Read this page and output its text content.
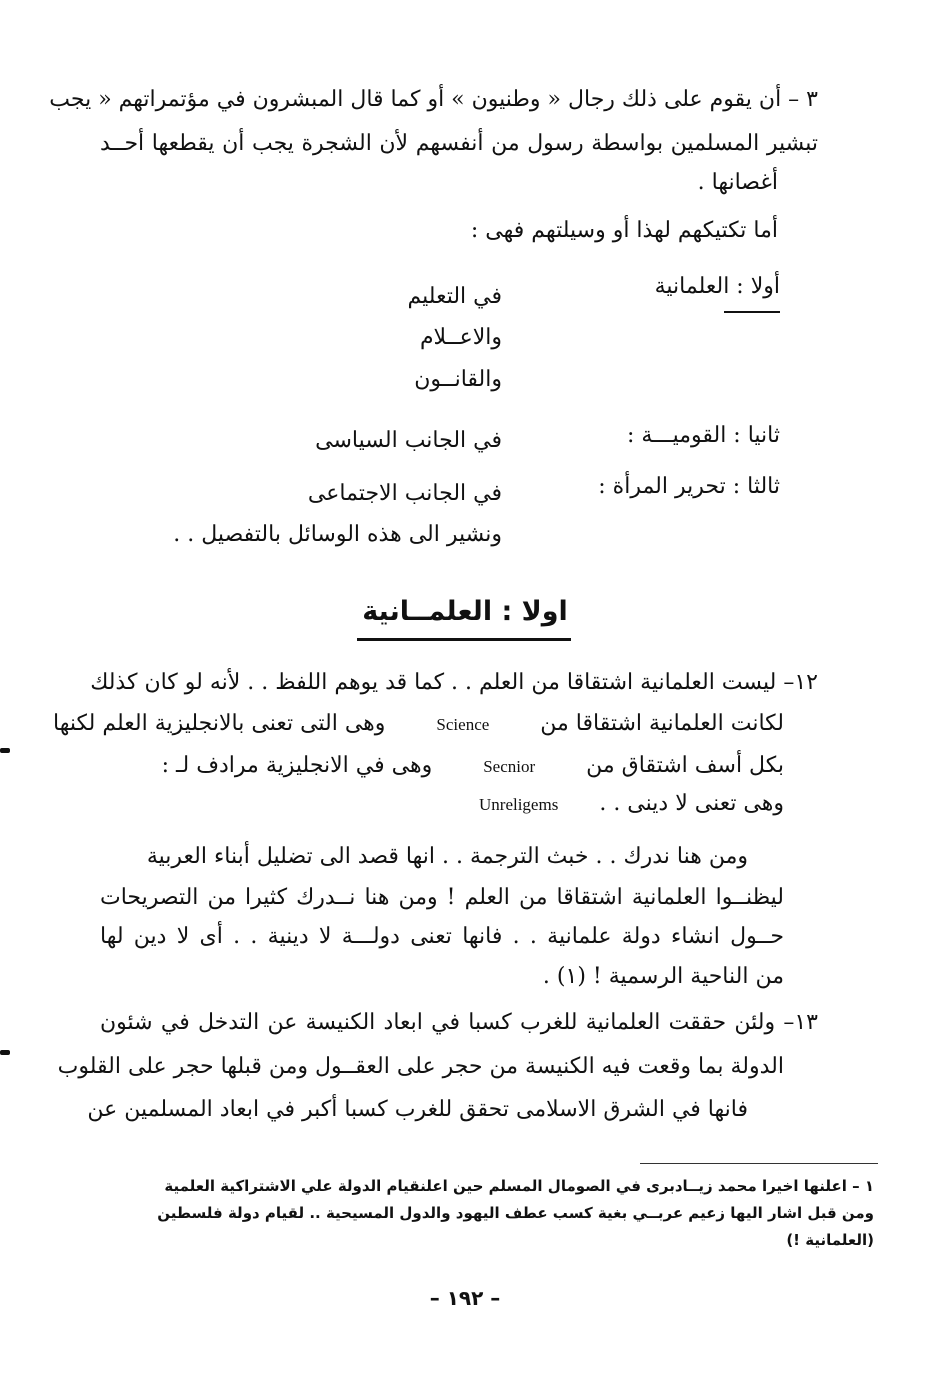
٣ – أن يقوم على ذلك رجال « وطنيون » أو كما قال المبشرون في مؤتمراتهم « يجب
تبشير المسلمين بواسطة رسول من أنفسهم لأن الشجرة يجب أن يقطعها أحــد
أغصانها .
أما تكتيكهم لهذا أو وسيلتهم فهى :
أولا : العلمانية
في التعليم
والاعــلام
والقانــون
ثانيا : القوميـــة :
في الجانب السياسى
ثالثا : تحرير المرأة :
في الجانب الاجتماعى
ونشير الى هذه الوسائل بالتفصيل . .
اولا : العلمــانية
١٢– ليست العلمانية اشتقاقا من العلم . . كما قد يوهم اللفظ . . لأنه لو كان كذلك
لكانت العلمانية اشتقاقا من Science وهى التى تعنى بالانجليزية العلم لكنها
بكل أسف اشتقاق من Secnior وهى في الانجليزية مرادف لـ :
وهى تعنى لا دينى . . Unreligems
ومن هنا ندرك . . خبث الترجمة . . انها قصد الى تضليل أبناء العربية
ليظنــوا العلمانية اشتقاقا من العلم ! ومن هنا نــدرك كثيرا من التصريحات
حــول انشاء دولة علمانية . . فانها تعنى دولـــة لا دينية . . أى لا دين لها
من الناحية الرسمية ! (١) .
١٣– ولئن حققت العلمانية للغرب كسبا في ابعاد الكنيسة عن التدخل في شئون
الدولة بما وقعت فيه الكنيسة من حجر على العقــول ومن قبلها حجر على القلوب
فانها في الشرق الاسلامى تحقق للغرب كسبا أكبر في ابعاد المسلمين عن
١ – اعلنها اخيرا محمد زيــادبرى في الصومال المسلم حين اعلنقيام الدولة علي الاشتراكية العلمية
ومن قبل اشار اليها زعيم عربــي بغية كسب عطف اليهود والدول المسيحية .. لقيام دولة فلسطين
(العلمانية !)
– ١٩٢ –
